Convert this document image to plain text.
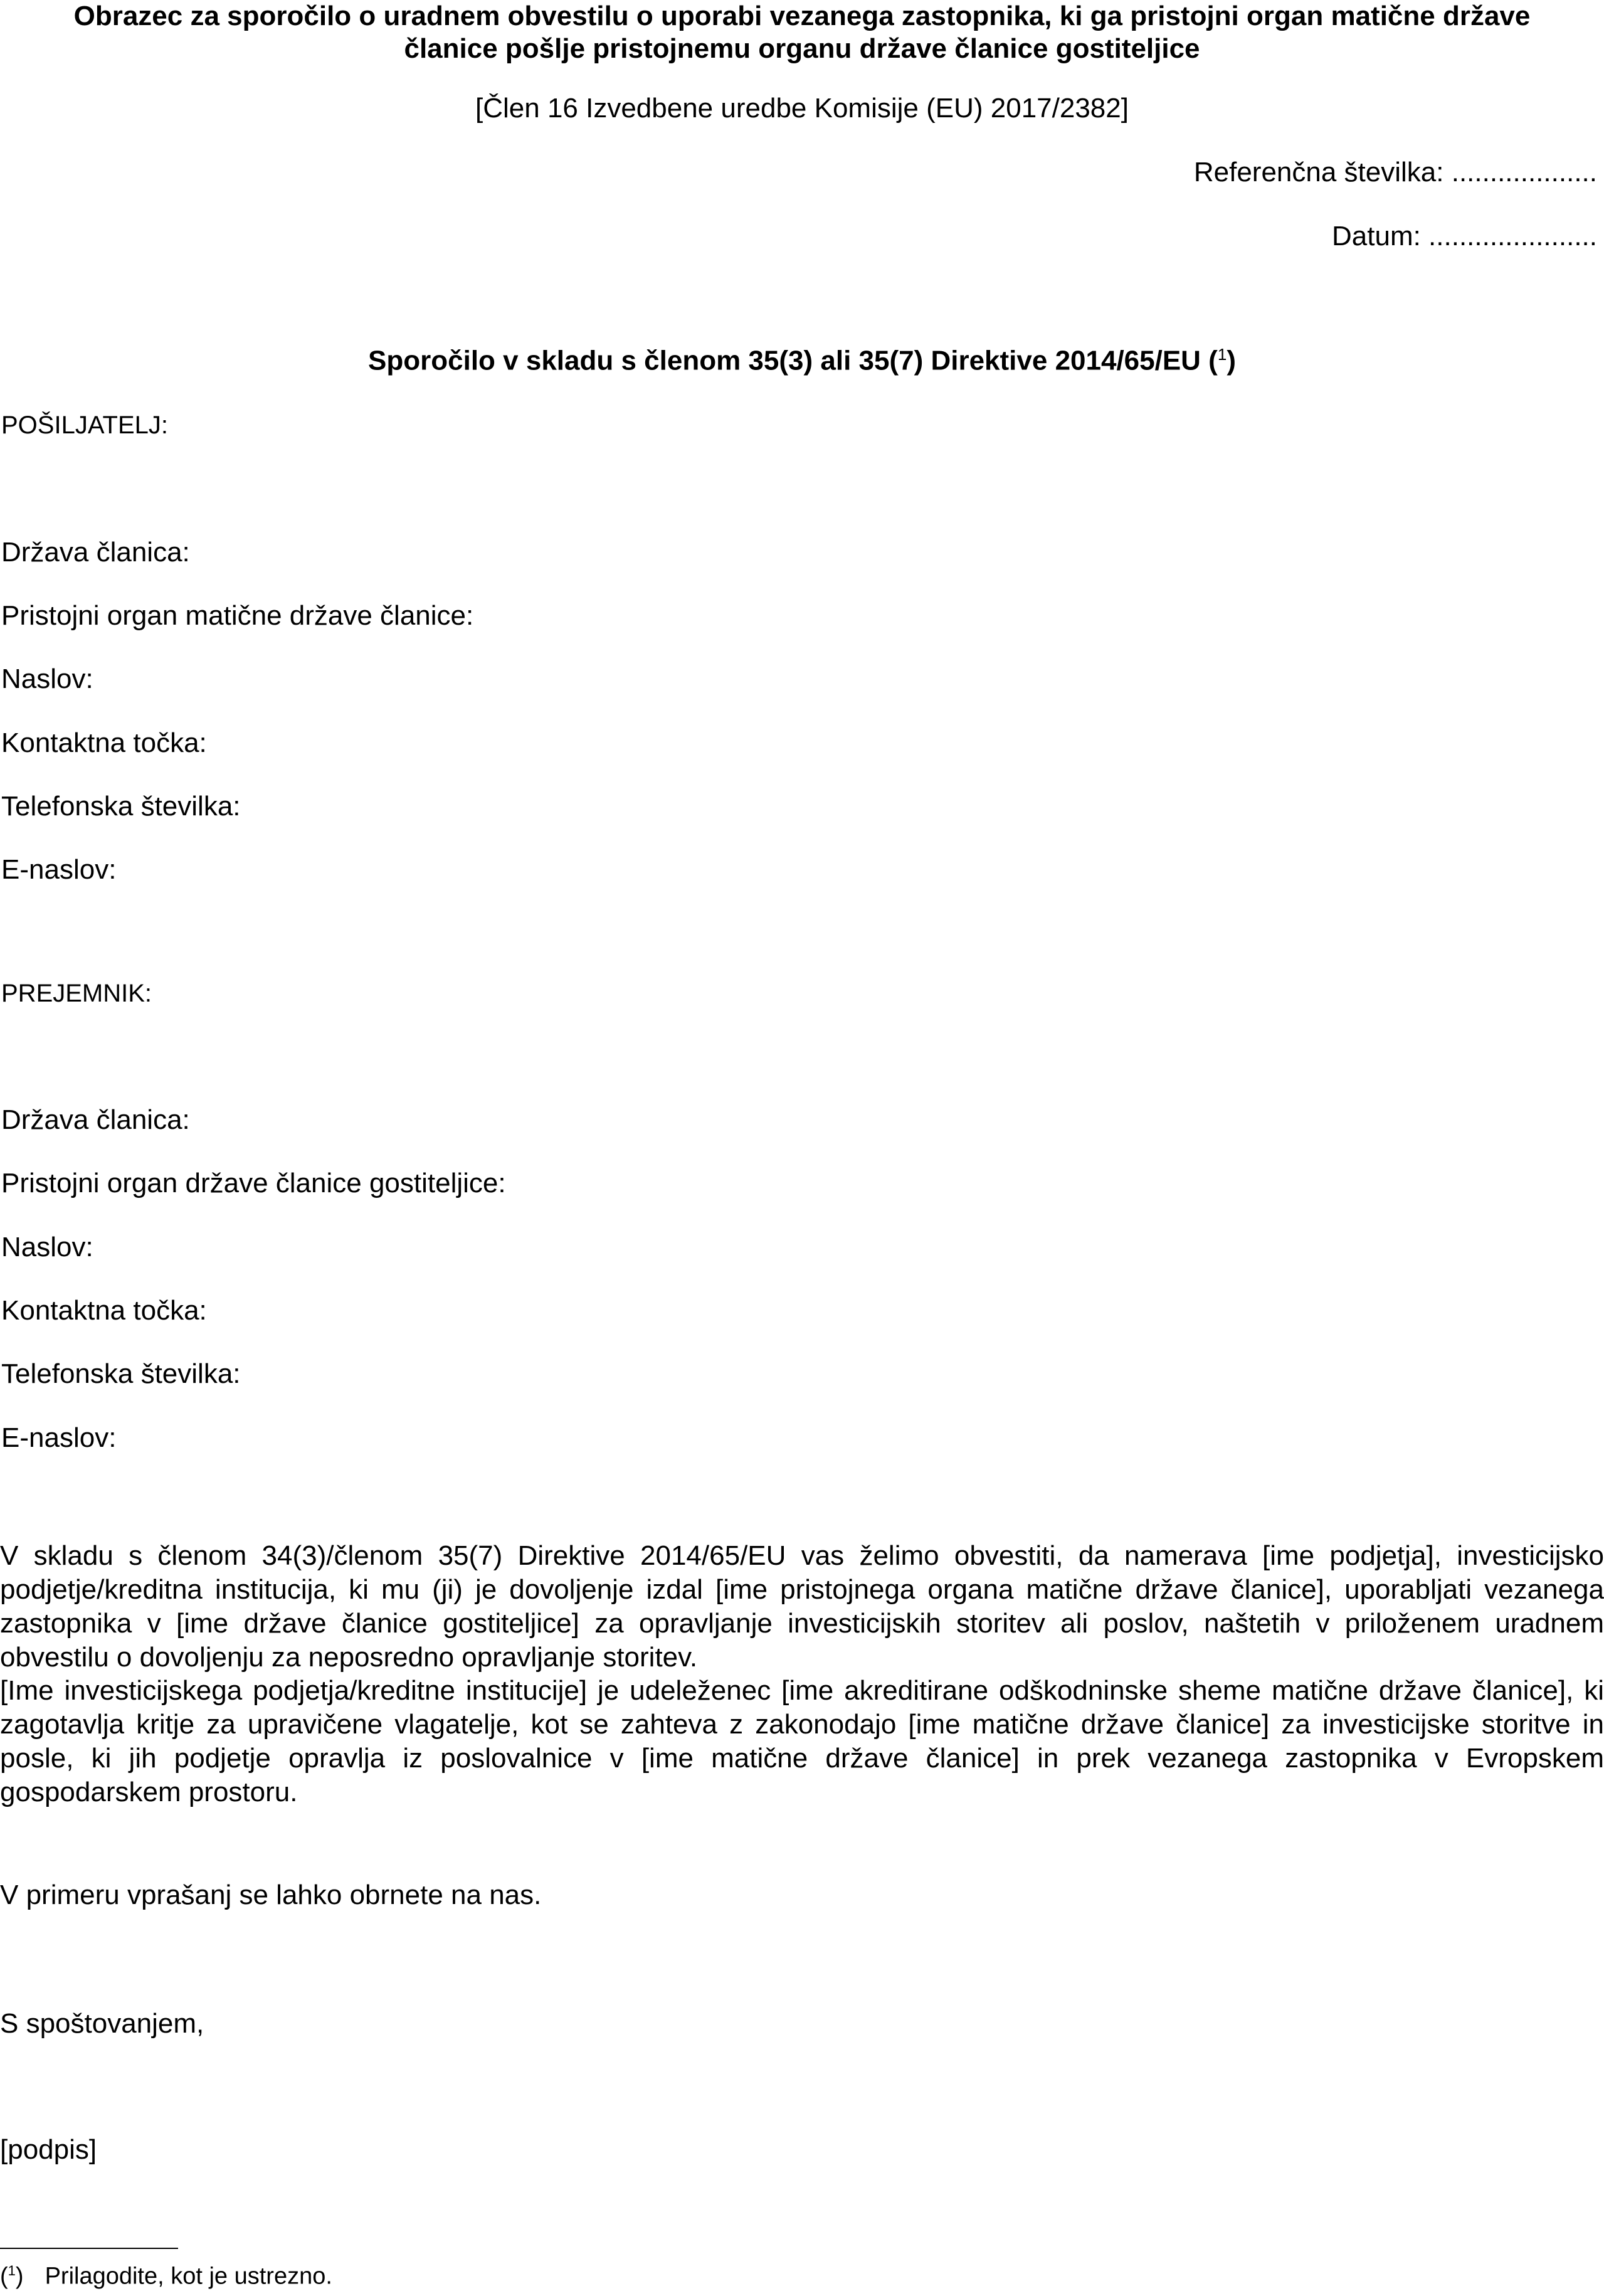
Obrazec za sporočilo o uradnem obvestilu o uporabi vezanega zastopnika, ki ga pristojni organ matične države
članice pošlje pristojnemu organu države članice gostiteljice
[Člen 16 Izvedbene uredbe Komisije (EU) 2017/2382]
Referenčna številka: ...................
Datum: ......................
Sporočilo v skladu s členom 35(3) ali 35(7) Direktive 2014/65/EU ($^1$)
POŠILJATELJ:
Država članica:
Pristojni organ matične države članice:
Naslov:
Kontaktna točka:
Telefonska številka:
E-naslov:
PREJEMNIK:
Država članica:
Pristojni organ države članice gostiteljice:
Naslov:
Kontaktna točka:
Telefonska številka:
E-naslov:
V skladu s členom 34(3)/členom 35(7) Direktive 2014/65/EU vas želimo obvestiti, da namerava [ime podjetja], investicijsko podjetje/kreditna institucija, ki mu (ji) je dovoljenje izdal [ime pristojnega organa matične države članice], uporabljati vezanega zastopnika v [ime države članice gostiteljice] za opravljanje investicijskih storitev ali poslov, naštetih v priloženem uradnem obvestilu o dovoljenju za neposredno opravljanje storitev.
[Ime investicijskega podjetja/kreditne institucije] je udeleženec [ime akreditirane odškodninske sheme matične države članice], ki zagotavlja kritje za upravičene vlagatelje, kot se zahteva z zakonodajo [ime matične države članice] za investicijske storitve in posle, ki jih podjetje opravlja iz poslovalnice v [ime matične države članice] in prek vezanega zastopnika v Evropskem gospodarskem prostoru.
V primeru vprašanj se lahko obrnete na nas.
S spoštovanjem,
[podpis]
($^1$) Prilagodite, kot je ustrezno.
